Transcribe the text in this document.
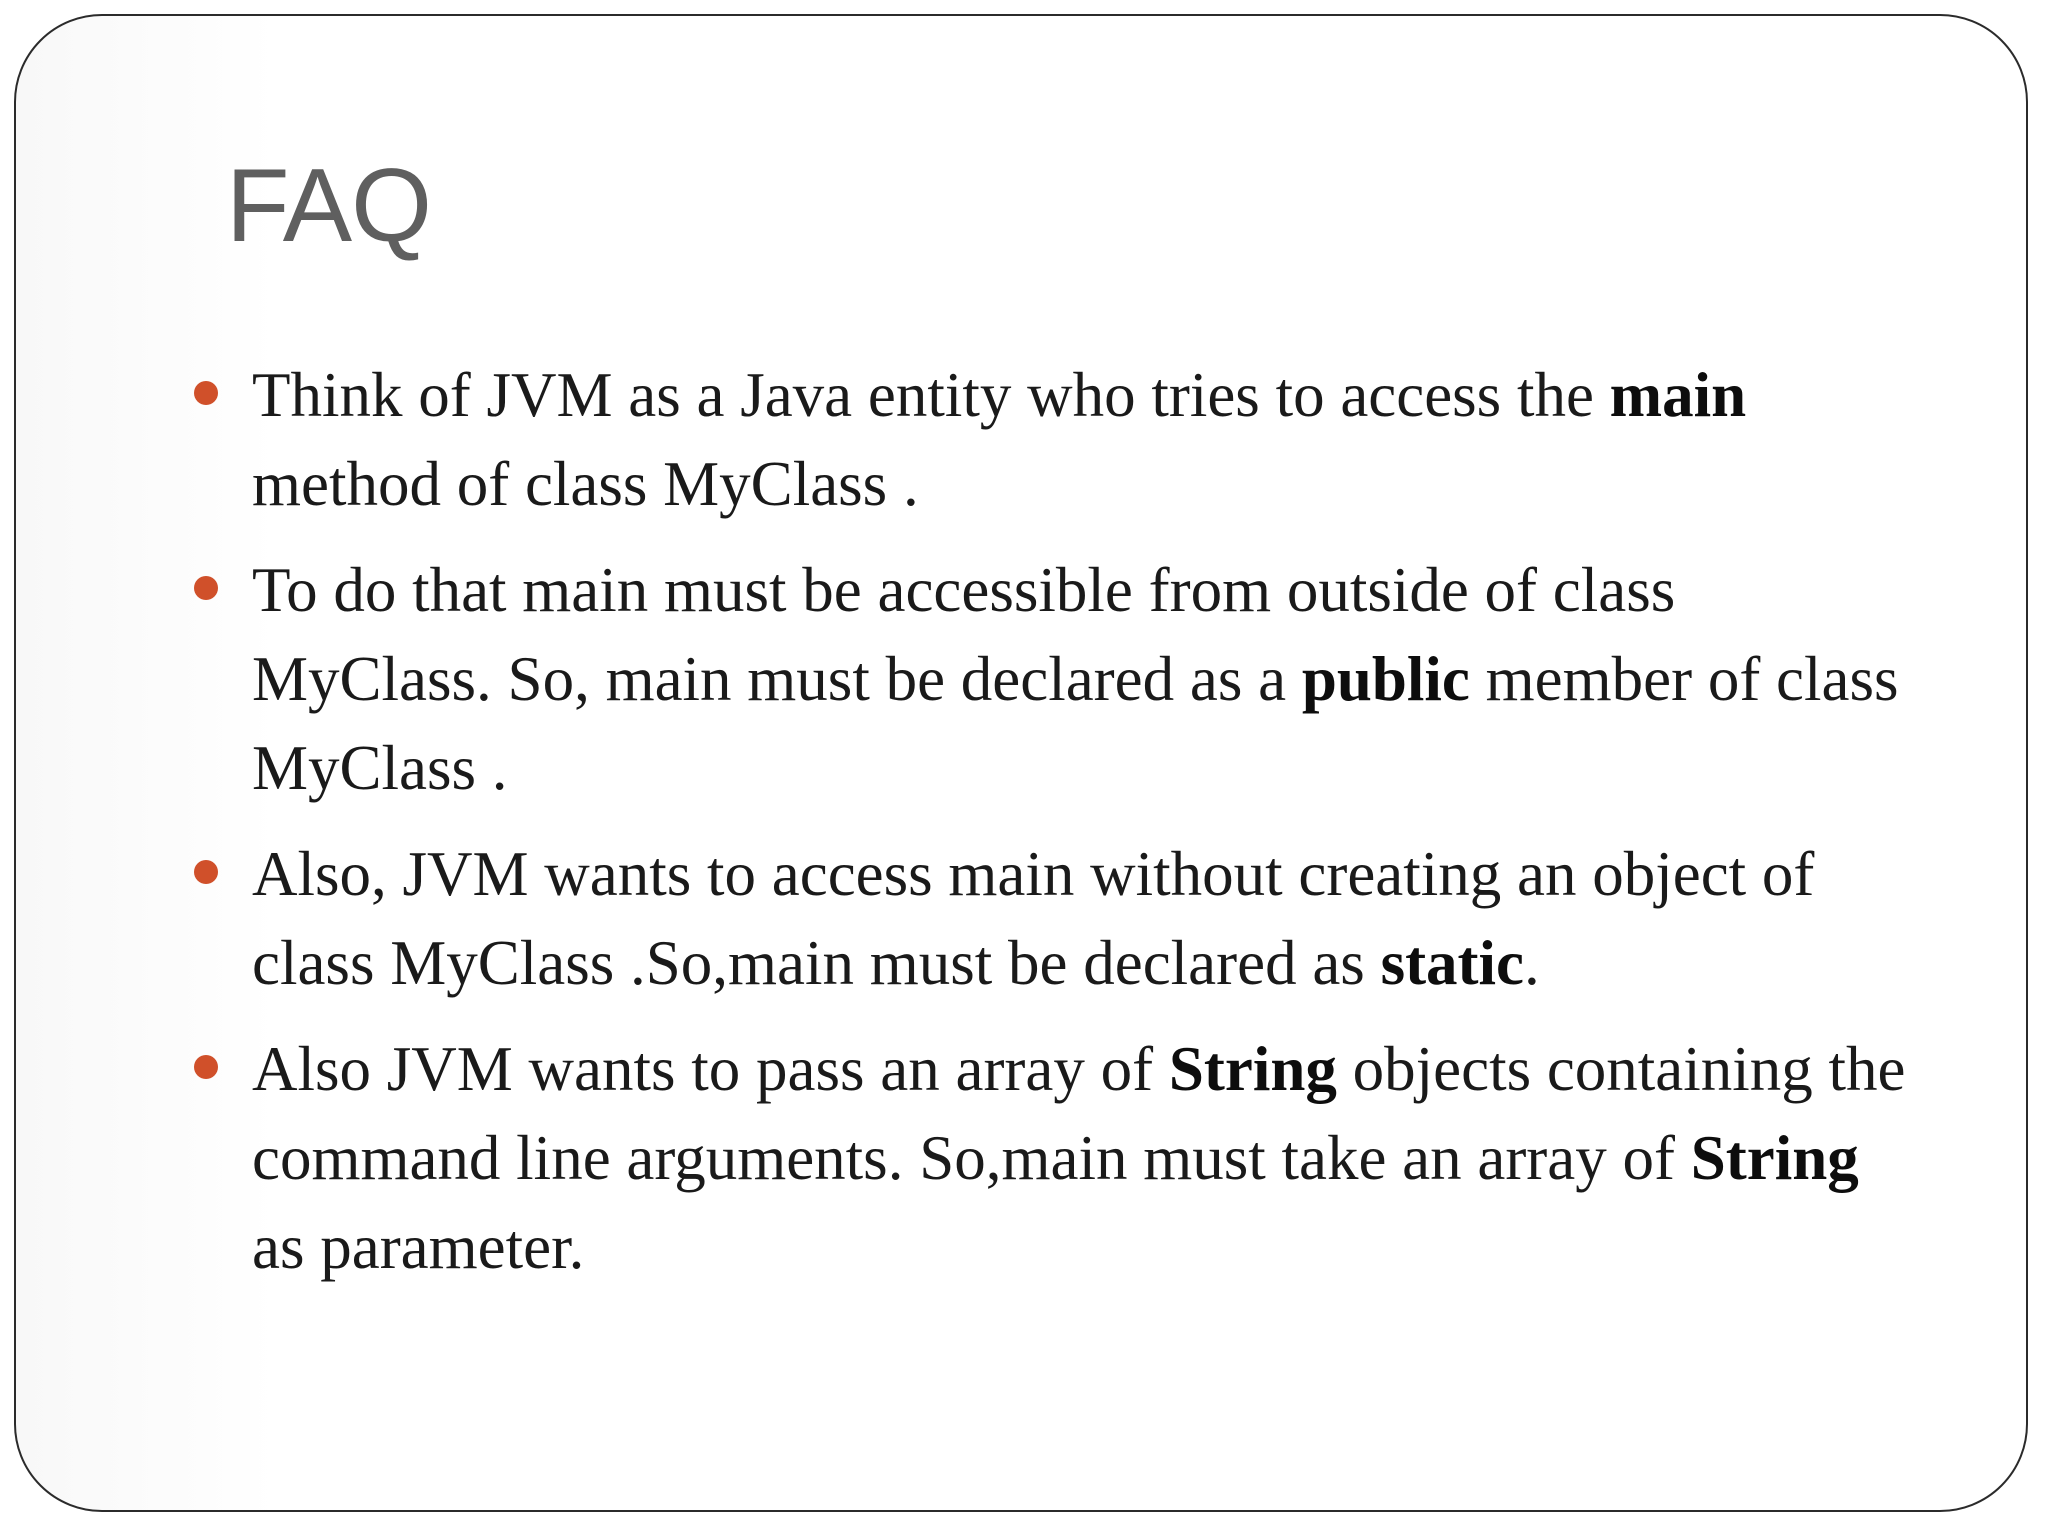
FAQ
Think of JVM as a Java entity who tries to access the main method of class MyClass .
To do that main must be accessible from outside of class MyClass. So, main must be declared as a public member of class MyClass .
Also, JVM wants to access main without creating an object of class MyClass .So,main must be declared as static.
Also JVM wants to pass an array of String objects containing the command line arguments. So,main must take an array of String as parameter.
